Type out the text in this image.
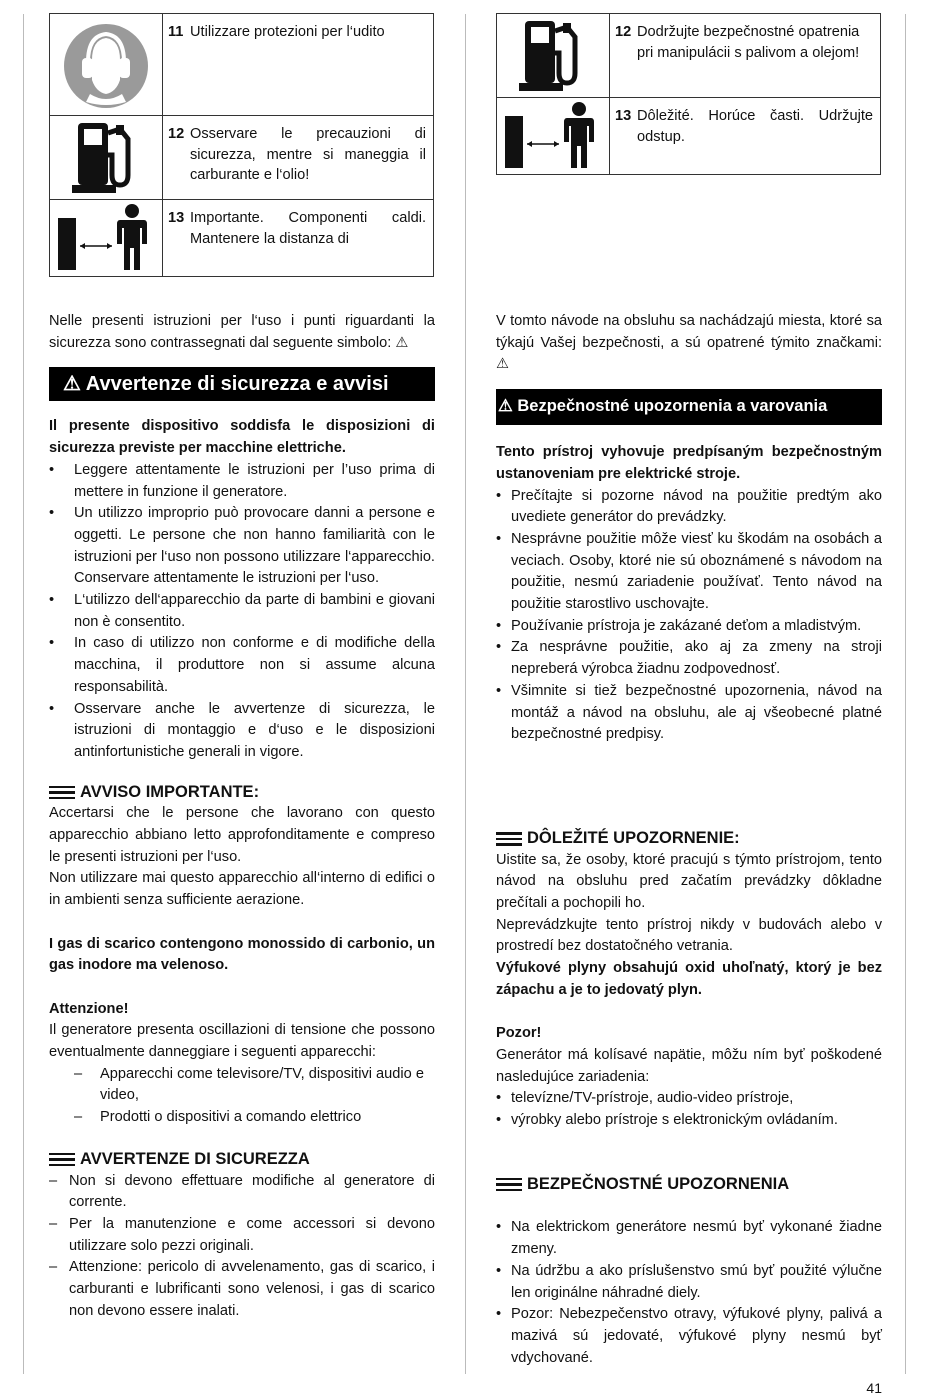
	11 Utilizzare protezioni per l‘udito
	12 Osservare le precauzioni di sicurezza, mentre si maneggia il carburante e l‘olio!
	13 Importante. Componenti caldi. Mantenere la distanza di
	12 Dodržujte bezpečnostné opatrenia pri manipulácii s palivom a olejom!
	13 Dôležité. Horúce časti. Udržujte odstup.

Nelle presenti istruzioni per l‘uso i punti riguardanti la sicurezza sono contrassegnati dal seguente simbolo: ⚠

⚠ Avvertenze di sicurezza e avvisi

Il presente dispositivo soddisfa le disposizioni di sicurezza previste per macchine elettriche.

• Leggere attentamente le istruzioni per l’uso prima di mettere in funzione il generatore.
• Un utilizzo improprio può provocare danni a persone e oggetti. Le persone che non hanno familiarità con le istruzioni per l‘uso non possono utilizzare l‘apparecchio. Conservare attentamente le istruzioni per l‘uso.
• L‘utilizzo dell‘apparecchio da parte di bambini e giovani non è consentito.
• In caso di utilizzo non conforme e di modifiche della macchina, il produttore non si assume alcuna responsabilità.
• Osservare anche le avvertenze di sicurezza, le istruzioni di montaggio e d‘uso e le disposizioni antinfortunistiche generali in vigore.
AVVISO IMPORTANTE:

Accertarsi che le persone che lavorano con questo apparecchio abbiano letto approfonditamente e compreso le presenti istruzioni per l‘uso.

Non utilizzare mai questo apparecchio all‘interno di edifici o in ambienti senza sufficiente aerazione.

I gas di scarico contengono monossido di carbonio, un gas inodore ma velenoso.

Attenzione!

Il generatore presenta oscillazioni di tensione che possono eventualmente danneggiare i seguenti apparecchi:

– Apparecchi come televisore/TV, dispositivi audio e video,
– Prodotti o dispositivi a comando elettrico
AVVERTENZE DI SICUREZZA
– Non si devono effettuare modifiche al generatore di corrente.
– Per la manutenzione e come accessori si devono utilizzare solo pezzi originali.
– Attenzione: pericolo di avvelenamento, gas di scarico, i carburanti e lubrificanti sono velenosi, i gas di scarico non devono essere inalati.

V tomto návode na obsluhu sa nachádzajú miesta, ktoré sa týkajú Vašej bezpečnosti, a sú opatrené týmito značkami: ⚠

⚠ Bezpečnostné upozornenia a varovania

Tento prístroj vyhovuje predpísaným bezpečnostným ustanoveniam pre elektrické stroje.

• Prečítajte si pozorne návod na použitie predtým ako uvediete generátor do prevádzky.
• Nesprávne použitie môže viesť ku škodám na osobách a veciach. Osoby, ktoré nie sú oboznámené s návodom na použitie, nesmú zariadenie používať. Tento návod na použitie starostlivo uschovajte.
• Používanie prístroja je zakázané deťom a mladistvým.
• Za nesprávne použitie, ako aj za zmeny na stroji nepreberá výrobca žiadnu zodpovednosť.
• Všimnite si tiež bezpečnostné upozornenia, návod na montáž a návod na obsluhu, ale aj všeobecné platné bezpečnostné predpisy.
DÔLEŽITÉ UPOZORNENIE:

Uistite sa, že osoby, ktoré pracujú s týmto prístrojom, tento návod na obsluhu pred začatím prevádzky dôkladne prečítali a pochopili ho.

Neprevádzkujte tento prístroj nikdy v budovách alebo v prostredí bez dostatočného vetrania.

Výfukové plyny obsahujú oxid uhoľnatý, ktorý je bez zápachu a je to jedovatý plyn.

Pozor!

Generátor má kolísavé napätie, môžu ním byť poškodené nasledujúce zariadenia:

• televízne/TV-prístroje, audio-video prístroje,
• výrobky alebo prístroje s elektronickým ovládaním.
BEZPEČNOSTNÉ UPOZORNENIA
• Na elektrickom generátore nesmú byť vykonané žiadne zmeny.
• Na údržbu a ako príslušenstvo smú byť použité výlučne len originálne náhradné diely.
• Pozor: Nebezpečenstvo otravy, výfukové plyny, palivá a mazivá sú jedovaté, výfukové plyny nesmú byť vdychované.
41
